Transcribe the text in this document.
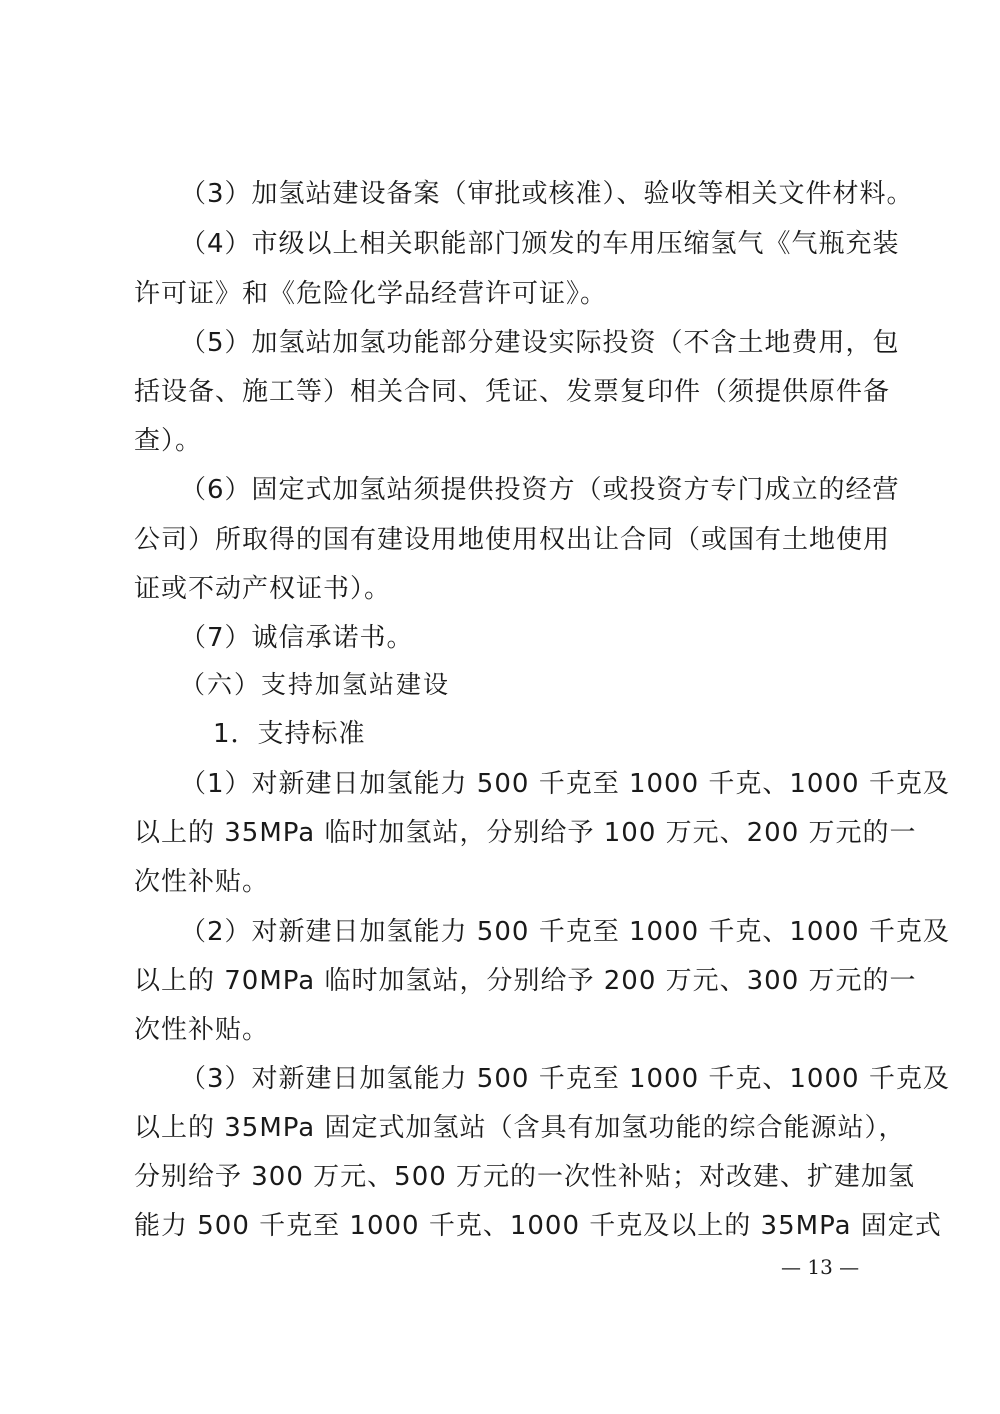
（3）加氢站建设备案（审批或核准）、验收等相关文件材料。
（4）市级以上相关职能部门颁发的车用压缩氢气《气瓶充装
许可证》和《危险化学品经营许可证》。
（5）加氢站加氢功能部分建设实际投资（不含土地费用，包
括设备、施工等）相关合同、凭证、发票复印件（须提供原件备
查）。
（6）固定式加氢站须提供投资方（或投资方专门成立的经营
公司）所取得的国有建设用地使用权出让合同（或国有土地使用
证或不动产权证书）。
（7）诚信承诺书。
（六）支持加氢站建设
1．支持标准
（1）对新建日加氢能力 500 千克至 1000 千克、1000 千克及
以上的 35MPa 临时加氢站，分别给予 100 万元、200 万元的一
次性补贴。
（2）对新建日加氢能力 500 千克至 1000 千克、1000 千克及
以上的 70MPa 临时加氢站，分别给予 200 万元、300 万元的一
次性补贴。
（3）对新建日加氢能力 500 千克至 1000 千克、1000 千克及
以上的 35MPa 固定式加氢站（含具有加氢功能的综合能源站），
分别给予 300 万元、500 万元的一次性补贴；对改建、扩建加氢
能力 500 千克至 1000 千克、1000 千克及以上的 35MPa 固定式
— 13 —
